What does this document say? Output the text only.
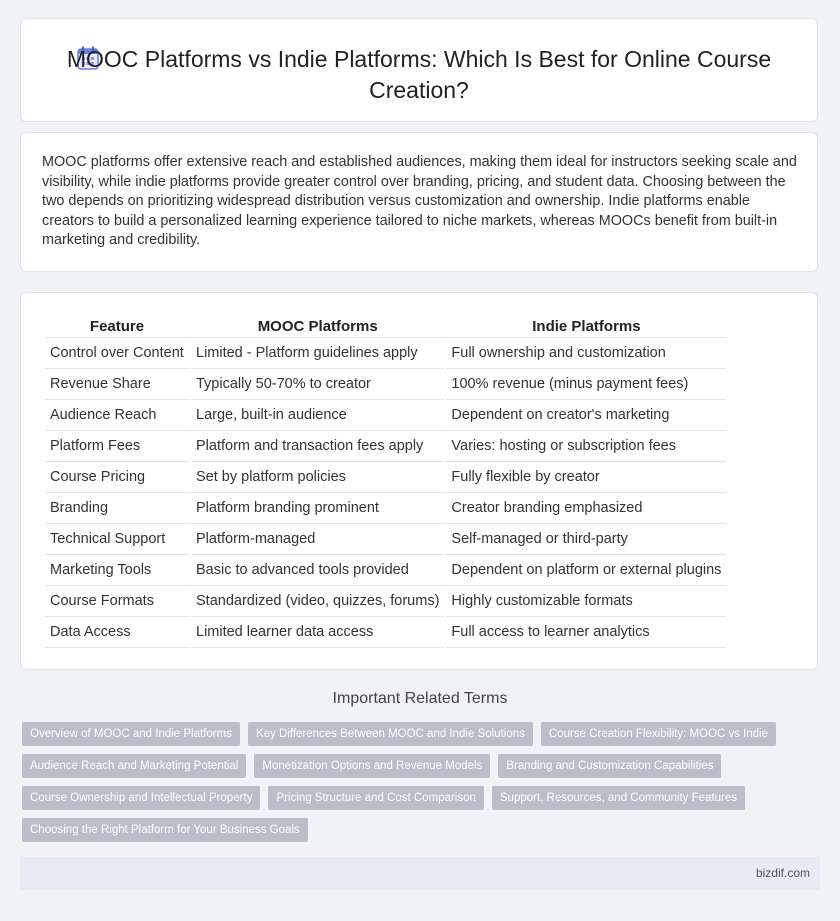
MOOC Platforms vs Indie Platforms: Which Is Best for Online Course Creation?
MOOC platforms offer extensive reach and established audiences, making them ideal for instructors seeking scale and visibility, while indie platforms provide greater control over branding, pricing, and student data. Choosing between the two depends on prioritizing widespread distribution versus customization and ownership. Indie platforms enable creators to build a personalized learning experience tailored to niche markets, whereas MOOCs benefit from built-in marketing and credibility.
Feature	MOOC Platforms	Indie Platforms
Control over Content	Limited - Platform guidelines apply	Full ownership and customization
Revenue Share	Typically 50-70% to creator	100% revenue (minus payment fees)
Audience Reach	Large, built-in audience	Dependent on creator's marketing
Platform Fees	Platform and transaction fees apply	Varies: hosting or subscription fees
Course Pricing	Set by platform policies	Fully flexible by creator
Branding	Platform branding prominent	Creator branding emphasized
Technical Support	Platform-managed	Self-managed or third-party
Marketing Tools	Basic to advanced tools provided	Dependent on platform or external plugins
Course Formats	Standardized (video, quizzes, forums)	Highly customizable formats
Data Access	Limited learner data access	Full access to learner analytics
Important Related Terms
Overview of MOOC and Indie Platforms	Key Differences Between MOOC and Indie Solutions	Course Creation Flexibility: MOOC vs Indie
Audience Reach and Marketing Potential	Monetization Options and Revenue Models	Branding and Customization Capabilities
Course Ownership and Intellectual Property	Pricing Structure and Cost Comparison	Support, Resources, and Community Features
Choosing the Right Platform for Your Business Goals
bizdif.com
